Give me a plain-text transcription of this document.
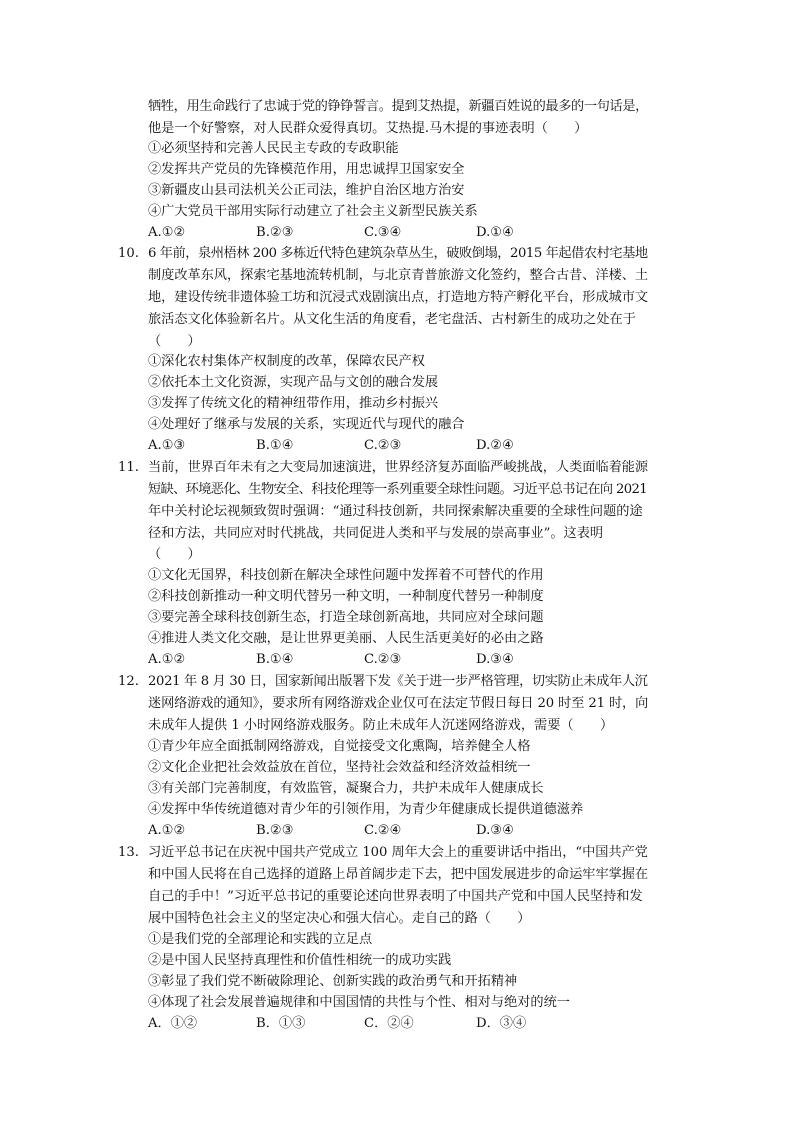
牺牲，用生命践行了忠诚于党的铮铮誓言。提到艾热提，新疆百姓说的最多的一句话是，
他是一个好警察，对人民群众爱得真切。艾热提.马木提的事迹表明（　　）
①必须坚持和完善人民民主专政的专政职能
②发挥共产党员的先锋模范作用，用忠诚捍卫国家安全
③新疆皮山县司法机关公正司法，维护自治区地方治安
④广大党员干部用实际行动建立了社会主义新型民族关系
A.①②	B.②③	C.③④	D.①④
10. 6 年前，泉州梧林 200 多栋近代特色建筑杂草丛生，破败倒塌，2015 年起借农村宅基地
制度改革东风，探索宅基地流转机制，与北京青普旅游文化签约，整合古昔、洋楼、土
地，建设传统非遗体验工坊和沉浸式戏剧演出点，打造地方特产孵化平台，形成城市文
旅活态文化体验新名片。从文化生活的角度看，老宅盘活、古村新生的成功之处在于
（　　）
①深化农村集体产权制度的改革，保障农民产权
②依托本土文化资源，实现产品与文创的融合发展
③发挥了传统文化的精神纽带作用，推动乡村振兴
④处理好了继承与发展的关系，实现近代与现代的融合
A.①③	B.①④	C.②③	D.②④
11. 当前，世界百年未有之大变局加速演进，世界经济复苏面临严峻挑战，人类面临着能源
短缺、环境恶化、生物安全、科技伦理等一系列重要全球性问题。习近平总书记在向 2021
年中关村论坛视频致贺时强调：“通过科技创新，共同探索解决重要的全球性问题的途
径和方法，共同应对时代挑战，共同促进人类和平与发展的崇高事业”。这表明
（　　）
①文化无国界，科技创新在解决全球性问题中发挥着不可替代的作用
②科技创新推动一种文明代替另一种文明，一种制度代替另一种制度
③要完善全球科技创新生态，打造全球创新高地，共同应对全球问题
④推进人类文化交融，是让世界更美丽、人民生活更美好的必由之路
A.①②	B.①④	C.②③	D.③④
12. 2021 年 8 月 30 日，国家新闻出版署下发《关于进一步严格管理，切实防止未成年人沉
迷网络游戏的通知》，要求所有网络游戏企业仅可在法定节假日每日 20 时至 21 时，向
未成年人提供 1 小时网络游戏服务。防止未成年人沉迷网络游戏，需要（　　）
①青少年应全面抵制网络游戏，自觉接受文化熏陶，培养健全人格
②文化企业把社会效益放在首位，坚持社会效益和经济效益相统一
③有关部门完善制度，有效监管，凝聚合力，共护未成年人健康成长
④发挥中华传统道德对青少年的引领作用，为青少年健康成长提供道德滋养
A.①②	B.②③	C.②④	D.③④
13. 习近平总书记在庆祝中国共产党成立 100 周年大会上的重要讲话中指出，“中国共产党
和中国人民将在自己选择的道路上昂首阔步走下去，把中国发展进步的命运牢牢掌握在
自己的手中！”习近平总书记的重要论述向世界表明了中国共产党和中国人民坚持和发
展中国特色社会主义的坚定决心和强大信心。走自己的路（　　）
①是我们党的全部理论和实践的立足点
②是中国人民坚持真理性和价值性相统一的成功实践
③彰显了我们党不断破除理论、创新实践的政治勇气和开拓精神
④体现了社会发展普遍规律和中国国情的共性与个性、相对与绝对的统一
A．①②	B．①③	C．②④	D．③④
